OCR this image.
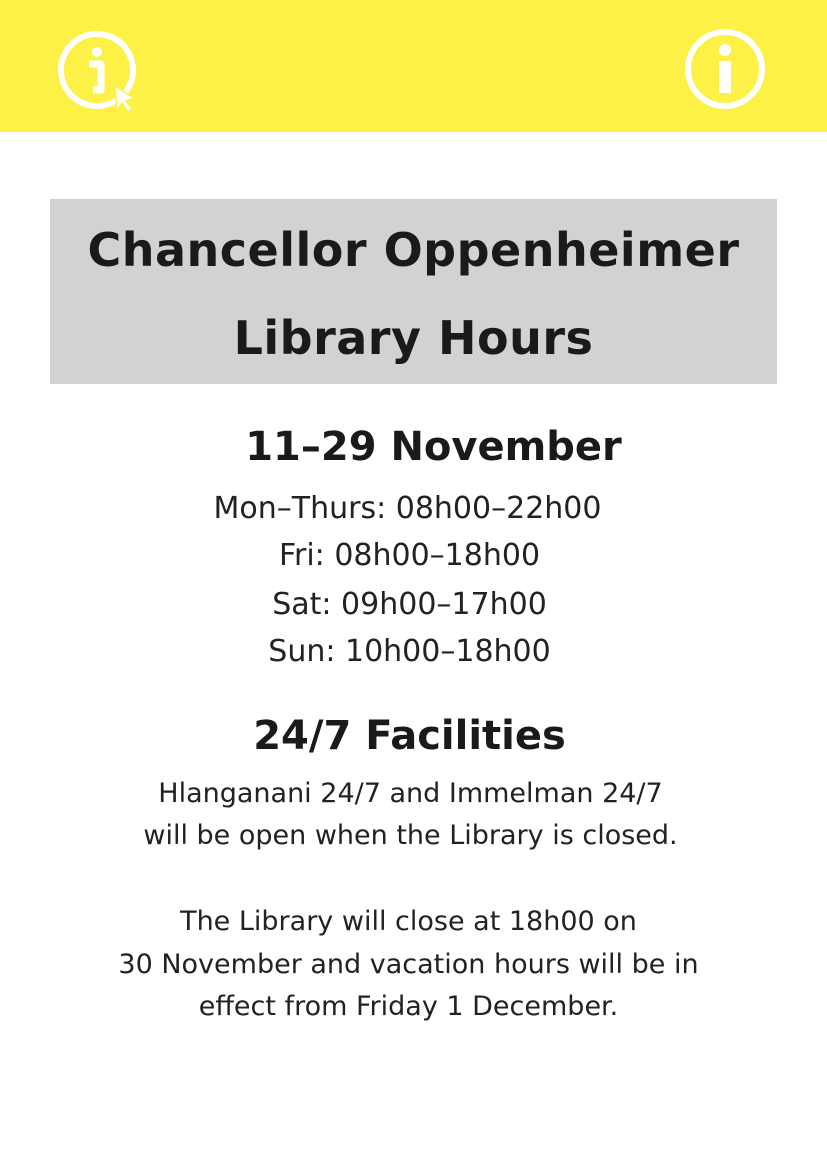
Chancellor Oppenheimer
Library Hours
11–29 November
Mon–Thurs: 08h00–22h00
Fri: 08h00–18h00
Sat: 09h00–17h00
Sun: 10h00–18h00
24/7 Facilities
Hlanganani 24/7 and Immelman 24/7
will be open when the Library is closed.
The Library will close at 18h00 on
30 November and vacation hours will be in
effect from Friday 1 December.
